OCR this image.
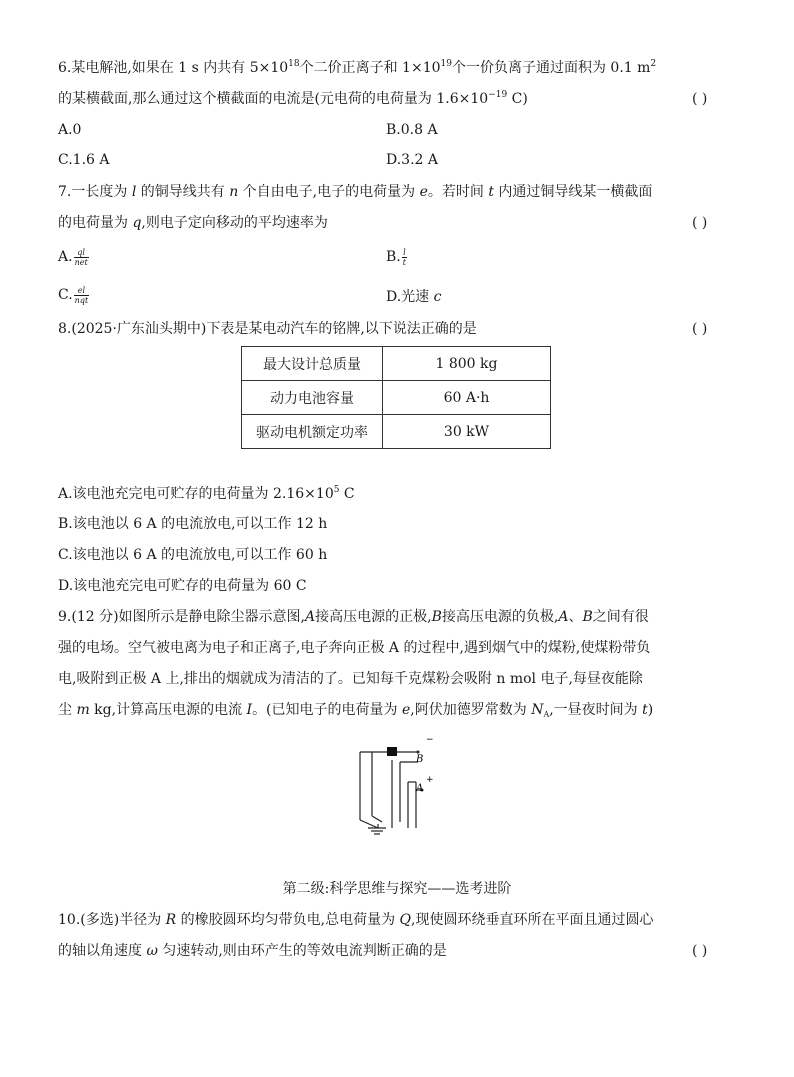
6.某电解池,如果在 1 s 内共有 $5\times 10^{18}$个二价正离子和 $1\times 10^{19}$个一价负离子通过面积为 0.1 $m^2$
的某横截面,那么通过这个横截面的电流是(元电荷的电荷量为 $1.6\times 10^{-19}$ C)	( )
A.0	B.0.8 A
C.1.6 A	D.3.2 A
7.一长度为 l 的铜导线共有 n 个自由电子,电子的电荷量为 e。若时间 t 内通过铜导线某一横截面
的电荷量为 q,则电子定向移动的平均速率为	( )
A. $\frac{ql}{\text{net}}$	B. $\frac{l}{t}$
C. $\frac{el}{\text{nqt}}$	D.光速 c
8.(2025·广东汕头期中)下表是某电动汽车的铭牌,以下说法正确的是	( )
最大设计总质量	1 800 kg
动力电池容量	60 A·h
驱动电机额定功率	30 kW
A.该电池充完电可贮存的电荷量为 $2.16\times 10^5$ C
B.该电池以 6 A 的电流放电,可以工作 12 h
C.该电池以 6 A 的电流放电,可以工作 60 h
D.该电池充完电可贮存的电荷量为 60 C
9.(12 分)如图所示是静电除尘器示意图,A接高压电源的正极,B接高压电源的负极,A、B之间有很
强的电场。空气被电离为电子和正离子,电子奔向正极 A 的过程中,遇到烟气中的煤粉,使煤粉带负
电,吸附到正极 A 上,排出的烟就成为清洁的了。已知每千克煤粉会吸附 n mol 电子,每昼夜能除
尘 m kg,计算高压电源的电流 I。(已知电子的电荷量为 e,阿伏加德罗常数为 $N_A$,一昼夜时间为 t)
B
−
A
+
第二级:科学思维与探究——选考进阶
10.(多选)半径为 R 的橡胶圆环均匀带负电,总电荷量为 Q,现使圆环绕垂直环所在平面且通过圆心
的轴以角速度 ω 匀速转动,则由环产生的等效电流判断正确的是	( )
